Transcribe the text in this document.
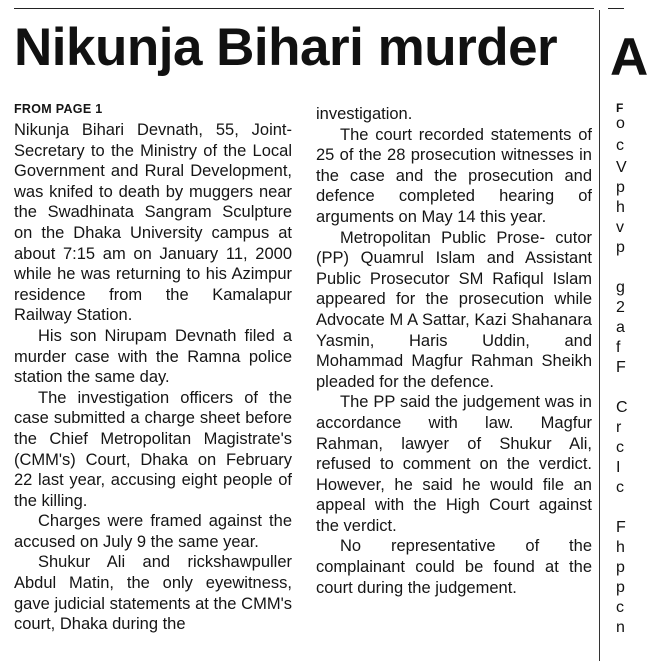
Nikunja Bihari murder
FROM PAGE 1

Nikunja Bihari Devnath, 55, Joint-Secretary to the Ministry of the Local Government and Rural Development, was knifed to death by muggers near the Swadhinata Sangram Sculpture on the Dhaka University campus at about 7:15 am on January 11, 2000 while he was returning to his Azimpur residence from the Kamalapur Railway Station.

His son Nirupam Devnath filed a murder case with the Ramna police station the same day.

The investigation officers of the case submitted a charge sheet before the Chief Metropolitan Magistrate's (CMM's) Court, Dhaka on February 22 last year, accusing eight people of the killing.

Charges were framed against the accused on July 9 the same year.

Shukur Ali and rickshawpuller Abdul Matin, the only eyewitness, gave judicial statements at the CMM's court, Dhaka during the

investigation.

The court recorded statements of 25 of the 28 prosecution witnesses in the case and the prosecution and defence completed hearing of arguments on May 14 this year.

Metropolitan Public Prose- cutor (PP) Quamrul Islam and Assistant Public Prosecutor SM Rafiqul Islam appeared for the prosecution while Advocate M A Sattar, Kazi Shahanara Yasmin, Haris Uddin, and Mohammad Magfur Rahman Sheikh pleaded for the defence.

The PP said the judgement was in accordance with law. Magfur Rahman, lawyer of Shukur Ali, refused to comment on the verdict. However, he said he would file an appeal with the High Court against the verdict.

No representative of the complainant could be found at the court during the judgement.

A
F
o
c
V
p
h
v
p
g
2
a
f
F
C
r
c
I
c
F
h
p
p
c
n
